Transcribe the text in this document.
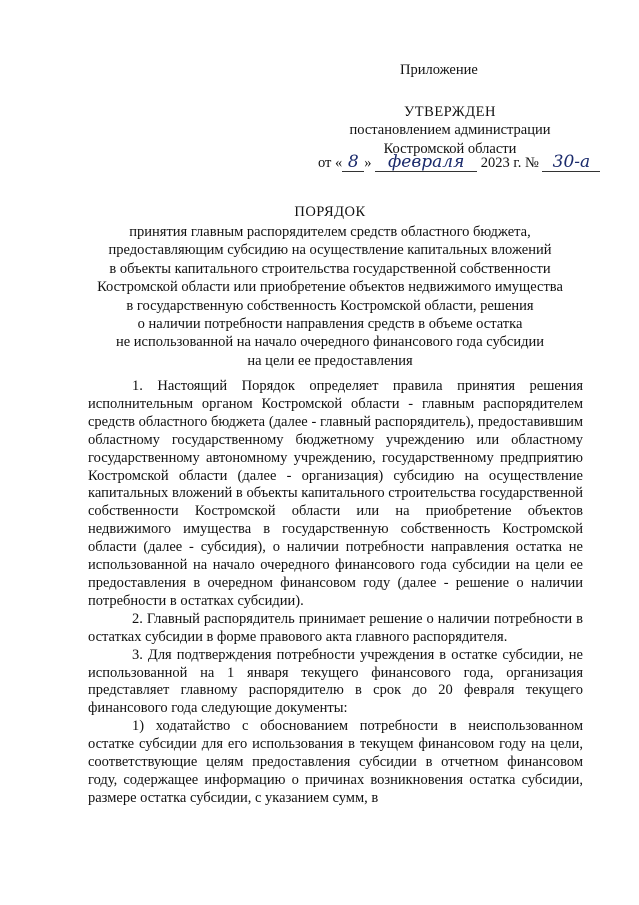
Приложение
УТВЕРЖДЕН
постановлением администрации
Костромской области
от « 8 » февраля 2023 г. № 30-а
ПОРЯДОК
принятия главным распорядителем средств областного бюджета,
предоставляющим субсидию на осуществление капитальных вложений
в объекты капитального строительства государственной собственности
Костромской области или приобретение объектов недвижимого имущества
в государственную собственность Костромской области, решения
о наличии потребности направления средств в объеме остатка
не использованной на начало очередного финансового года субсидии
на цели ее предоставления

1. Настоящий Порядок определяет правила принятия решения исполнительным органом Костромской области - главным распорядителем средств областного бюджета (далее - главный распорядитель), предоставившим областному государственному бюджетному учреждению или областному государственному автономному учреждению, государственному предприятию Костромской области (далее - организация) субсидию на осуществление капитальных вложений в объекты капитального строительства государственной собственности Костромской области или на приобретение объектов недвижимого имущества в государственную собственность Костромской области (далее - субсидия), о наличии потребности направления остатка не использованной на начало очередного финансового года субсидии на цели ее предоставления в очередном финансовом году (далее - решение о наличии потребности в остатках субсидии).

2. Главный распорядитель принимает решение о наличии потребности в остатках субсидии в форме правового акта главного распорядителя.

3. Для подтверждения потребности учреждения в остатке субсидии, не использованной на 1 января текущего финансового года, организация представляет главному распорядителю в срок до 20 февраля текущего финансового года следующие документы:

1) ходатайство с обоснованием потребности в неиспользованном остатке субсидии для его использования в текущем финансовом году на цели, соответствующие целям предоставления субсидии в отчетном финансовом году, содержащее информацию о причинах возникновения остатка субсидии, размере остатка субсидии, с указанием сумм, в
